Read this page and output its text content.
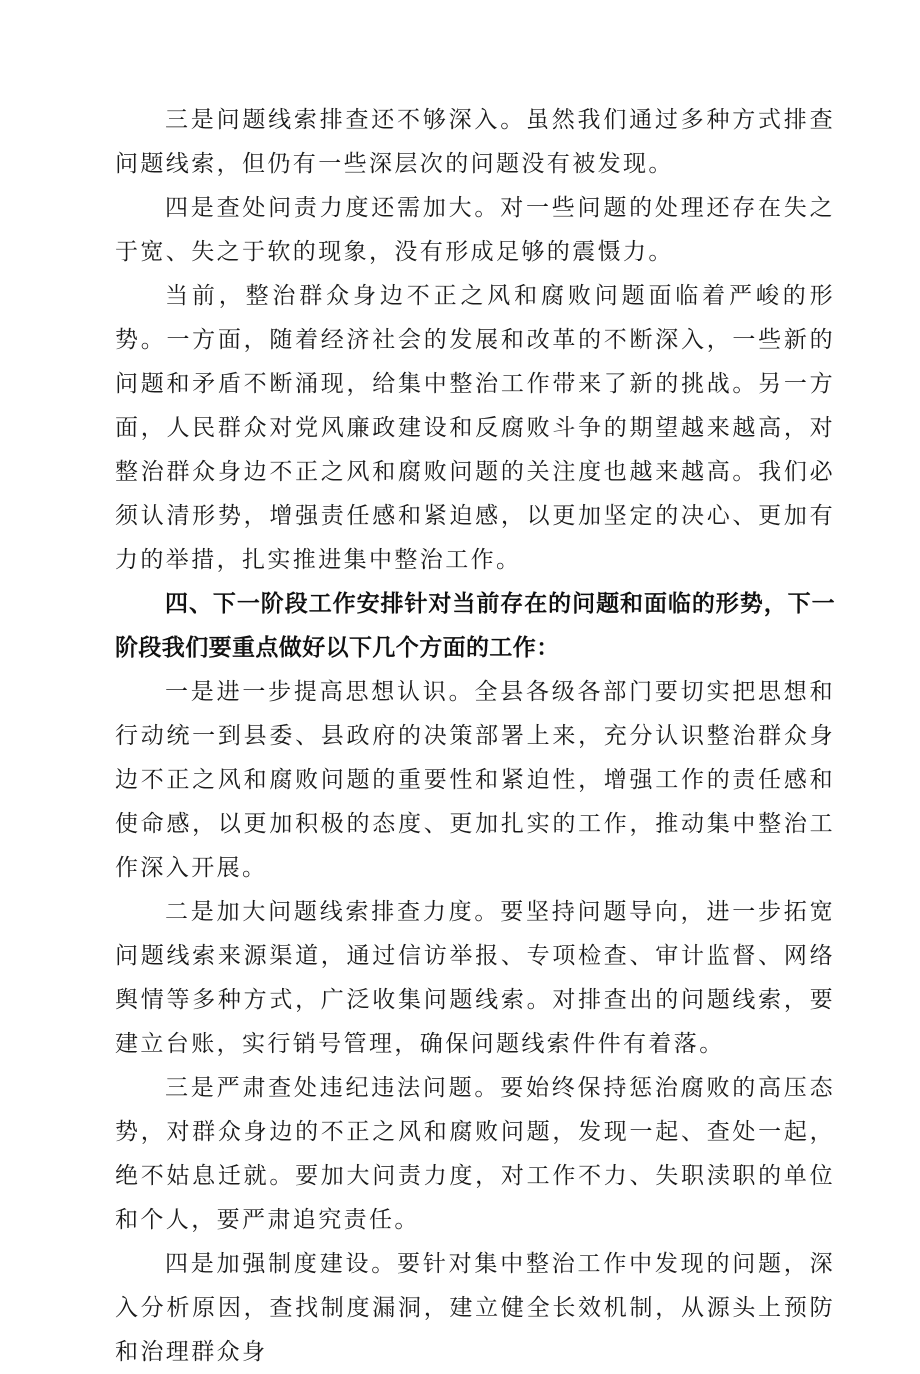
三是问题线索排查还不够深入。虽然我们通过多种方式排查问题线索，但仍有一些深层次的问题没有被发现。

四是查处问责力度还需加大。对一些问题的处理还存在失之于宽、失之于软的现象，没有形成足够的震慑力。

当前，整治群众身边不正之风和腐败问题面临着严峻的形势。一方面，随着经济社会的发展和改革的不断深入，一些新的问题和矛盾不断涌现，给集中整治工作带来了新的挑战。另一方面，人民群众对党风廉政建设和反腐败斗争的期望越来越高，对整治群众身边不正之风和腐败问题的关注度也越来越高。我们必须认清形势，增强责任感和紧迫感，以更加坚定的决心、更加有力的举措，扎实推进集中整治工作。

四、下一阶段工作安排针对当前存在的问题和面临的形势，下一阶段我们要重点做好以下几个方面的工作：

一是进一步提高思想认识。全县各级各部门要切实把思想和行动统一到县委、县政府的决策部署上来，充分认识整治群众身边不正之风和腐败问题的重要性和紧迫性，增强工作的责任感和使命感，以更加积极的态度、更加扎实的工作，推动集中整治工作深入开展。

二是加大问题线索排查力度。要坚持问题导向，进一步拓宽问题线索来源渠道，通过信访举报、专项检查、审计监督、网络舆情等多种方式，广泛收集问题线索。对排查出的问题线索，要建立台账，实行销号管理，确保问题线索件件有着落。

三是严肃查处违纪违法问题。要始终保持惩治腐败的高压态势，对群众身边的不正之风和腐败问题，发现一起、查处一起，绝不姑息迁就。要加大问责力度，对工作不力、失职渎职的单位和个人，要严肃追究责任。

四是加强制度建设。要针对集中整治工作中发现的问题，深入分析原因，查找制度漏洞，建立健全长效机制，从源头上预防和治理群众身
